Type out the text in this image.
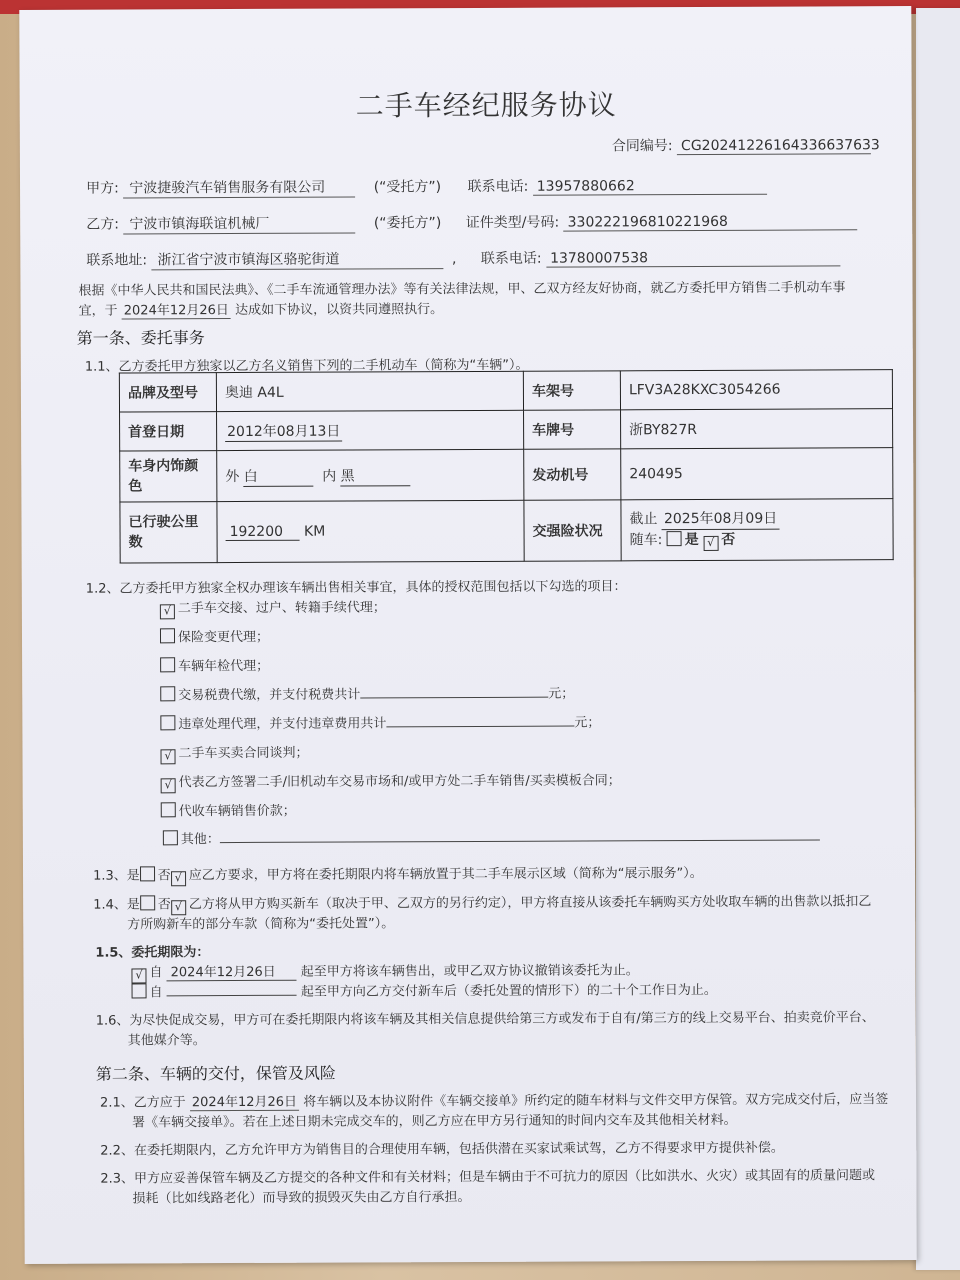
二手车经纪服务协议
合同编号: CG20241226164336637633
甲方: 宁波捷骏汽车销售服务有限公司	(“受托方”) 联系电话: 13957880662
乙方: 宁波市镇海联谊机械厂	(“委托方”) 证件类型/号码: 330222196810221968
联系地址: 浙江省宁波市镇海区骆驼街道	, 联系电话: 13780007538
根据《中华人民共和国民法典》、《二手车流通管理办法》等有关法律法规，甲、乙双方经友好协商，就乙方委托甲方销售二手机动车事
宜，于 2024年12月26日 达成如下协议，以资共同遵照执行。
第一条、委托事务
1.1、乙方委托甲方独家以乙方名义销售下列的二手机动车（简称为“车辆”）。
品牌及型号	奥迪 A4L	车架号	LFV3A28KXC3054266
首登日期	2012年08月13日	车牌号	浙BY827R
车身内饰颜色	外 白 内 黑	发动机号	240495
已行驶公里数	192200 KM	交强险状况	截止 2025年08月09日
随车: 是 √ 否
1.2、乙方委托甲方独家全权办理该车辆出售相关事宜，具体的授权范围包括以下勾选的项目：
√ 二手车交接、过户、转籍手续代理；
保险变更代理；
车辆年检代理；
交易税费代缴，并支付税费共计	元；
违章处理代理，并支付违章费用共计	元；
√ 二手车买卖合同谈判；
√ 代表乙方签署二手/旧机动车交易市场和/或甲方处二手车销售/买卖模板合同；
代收车辆销售价款；
其他：
1.3、是 否 √ 应乙方要求，甲方将在委托期限内将车辆放置于其二手车展示区域（简称为“展示服务”）。
1.4、是 否 √ 乙方将从甲方购买新车（取决于甲、乙双方的另行约定），甲方将直接从该委托车辆购买方处收取车辆的出售款以抵扣乙
方所购新车的部分车款（简称为“委托处置”）。
1.5、委托期限为：
√ 自 2024年12月26日 起至甲方将该车辆售出，或甲乙双方协议撤销该委托为止。
自	起至甲方向乙方交付新车后（委托处置的情形下）的二十个工作日为止。
1.6、为尽快促成交易，甲方可在委托期限内将该车辆及其相关信息提供给第三方或发布于自有/第三方的线上交易平台、拍卖竞价平台、
其他媒介等。
第二条、车辆的交付，保管及风险
2.1、乙方应于 2024年12月26日 将车辆以及本协议附件《车辆交接单》所约定的随车材料与文件交甲方保管。双方完成交付后，应当签
署《车辆交接单》。若在上述日期未完成交车的，则乙方应在甲方另行通知的时间内交车及其他相关材料。
2.2、在委托期限内，乙方允许甲方为销售目的合理使用车辆，包括供潜在买家试乘试驾，乙方不得要求甲方提供补偿。
2.3、甲方应妥善保管车辆及乙方提交的各种文件和有关材料；但是车辆由于不可抗力的原因（比如洪水、火灾）或其固有的质量问题或
损耗（比如线路老化）而导致的损毁灭失由乙方自行承担。
